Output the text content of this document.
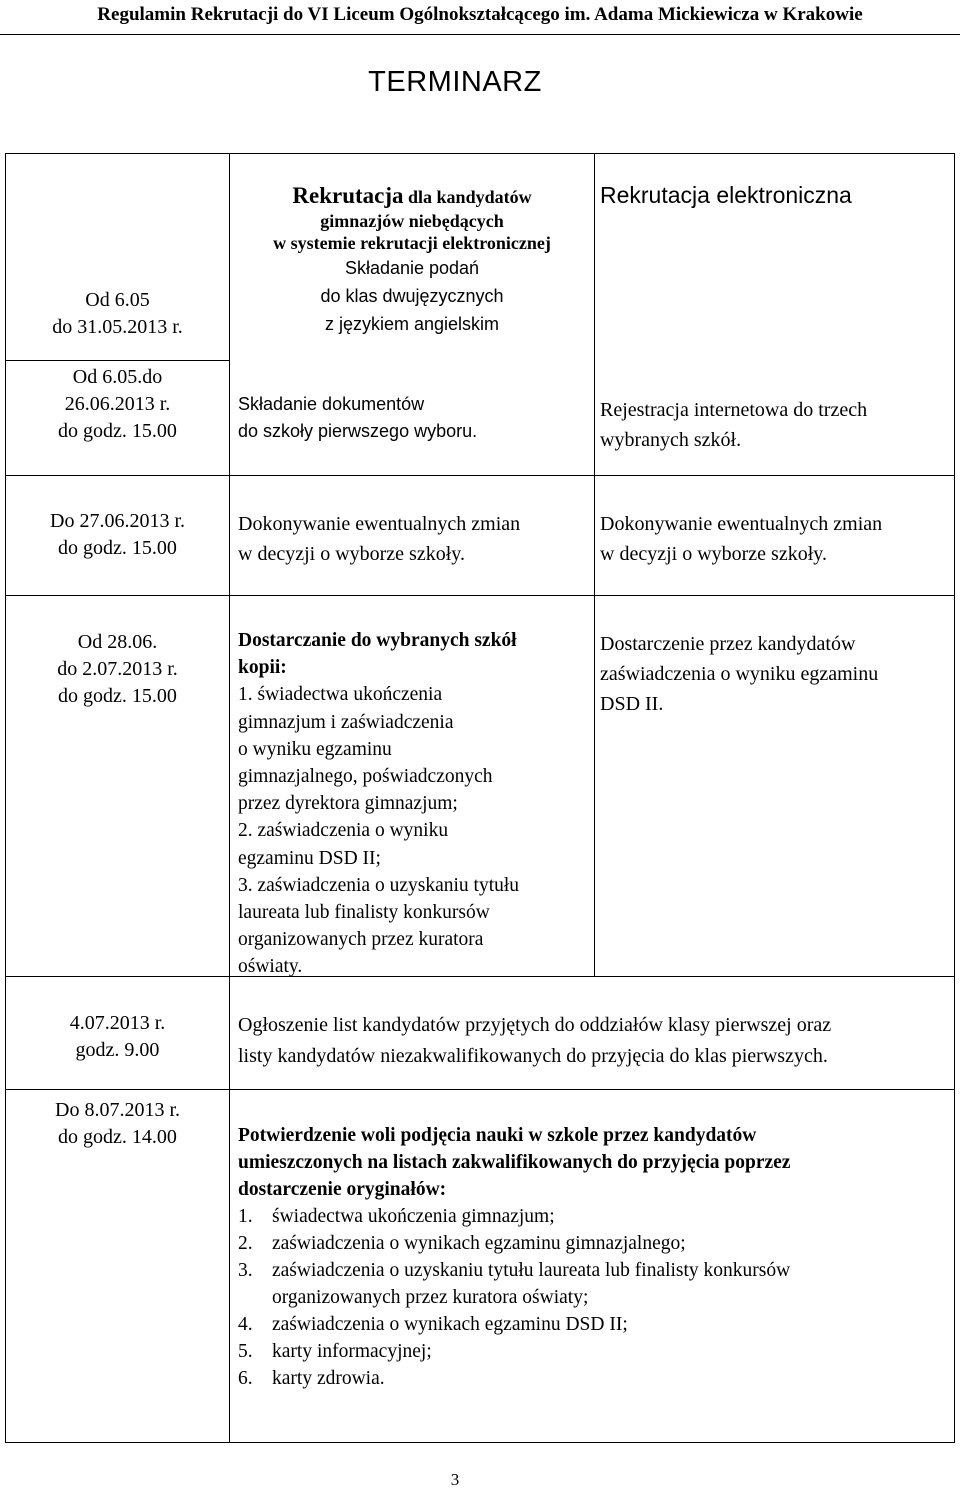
Regulamin Rekrutacji do VI Liceum Ogólnokształcącego im. Adama Mickiewicza w Krakowie
TERMINARZ
Od 6.05
do 31.05.2013 r.
Rekrutacja dla kandydatów
gimnazjów niebędących
w systemie rekrutacji elektronicznej
Składanie podań
do klas dwujęzycznych
z językiem angielskim
Rekrutacja elektroniczna
Od 6.05.do
26.06.2013 r.
do godz. 15.00
Składanie dokumentów
do szkoły pierwszego wyboru.
Rejestracja internetowa do trzech
wybranych szkół.
Do 27.06.2013 r.
do godz. 15.00
Dokonywanie ewentualnych zmian
w decyzji o wyborze szkoły.
Dokonywanie ewentualnych zmian
w decyzji o wyborze szkoły.
Od 28.06.
do 2.07.2013 r.
do godz. 15.00
Dostarczanie do wybranych szkół
kopii:
1. świadectwa ukończenia
gimnazjum i zaświadczenia
o wyniku egzaminu
gimnazjalnego, poświadczonych
przez dyrektora gimnazjum;
2. zaświadczenia o wyniku
egzaminu DSD II;
3. zaświadczenia o uzyskaniu tytułu
laureata lub finalisty konkursów
organizowanych przez kuratora
oświaty.
Dostarczenie przez kandydatów
zaświadczenia o wyniku egzaminu
DSD II.
4.07.2013 r.
godz. 9.00
Ogłoszenie list kandydatów przyjętych do oddziałów klasy pierwszej oraz
listy kandydatów niezakwalifikowanych do przyjęcia do klas pierwszych.
Do 8.07.2013 r.
do godz. 14.00	Potwierdzenie woli podjęcia nauki w szkole przez kandydatów
umieszczonych na listach zakwalifikowanych do przyjęcia poprzez
dostarczenie oryginałów:
1. świadectwa ukończenia gimnazjum;
2. zaświadczenia o wynikach egzaminu gimnazjalnego;
3. zaświadczenia o uzyskaniu tytułu laureata lub finalisty konkursów
organizowanych przez kuratora oświaty;
4. zaświadczenia o wynikach egzaminu DSD II;
5. karty informacyjnej;
6. karty zdrowia.
3
